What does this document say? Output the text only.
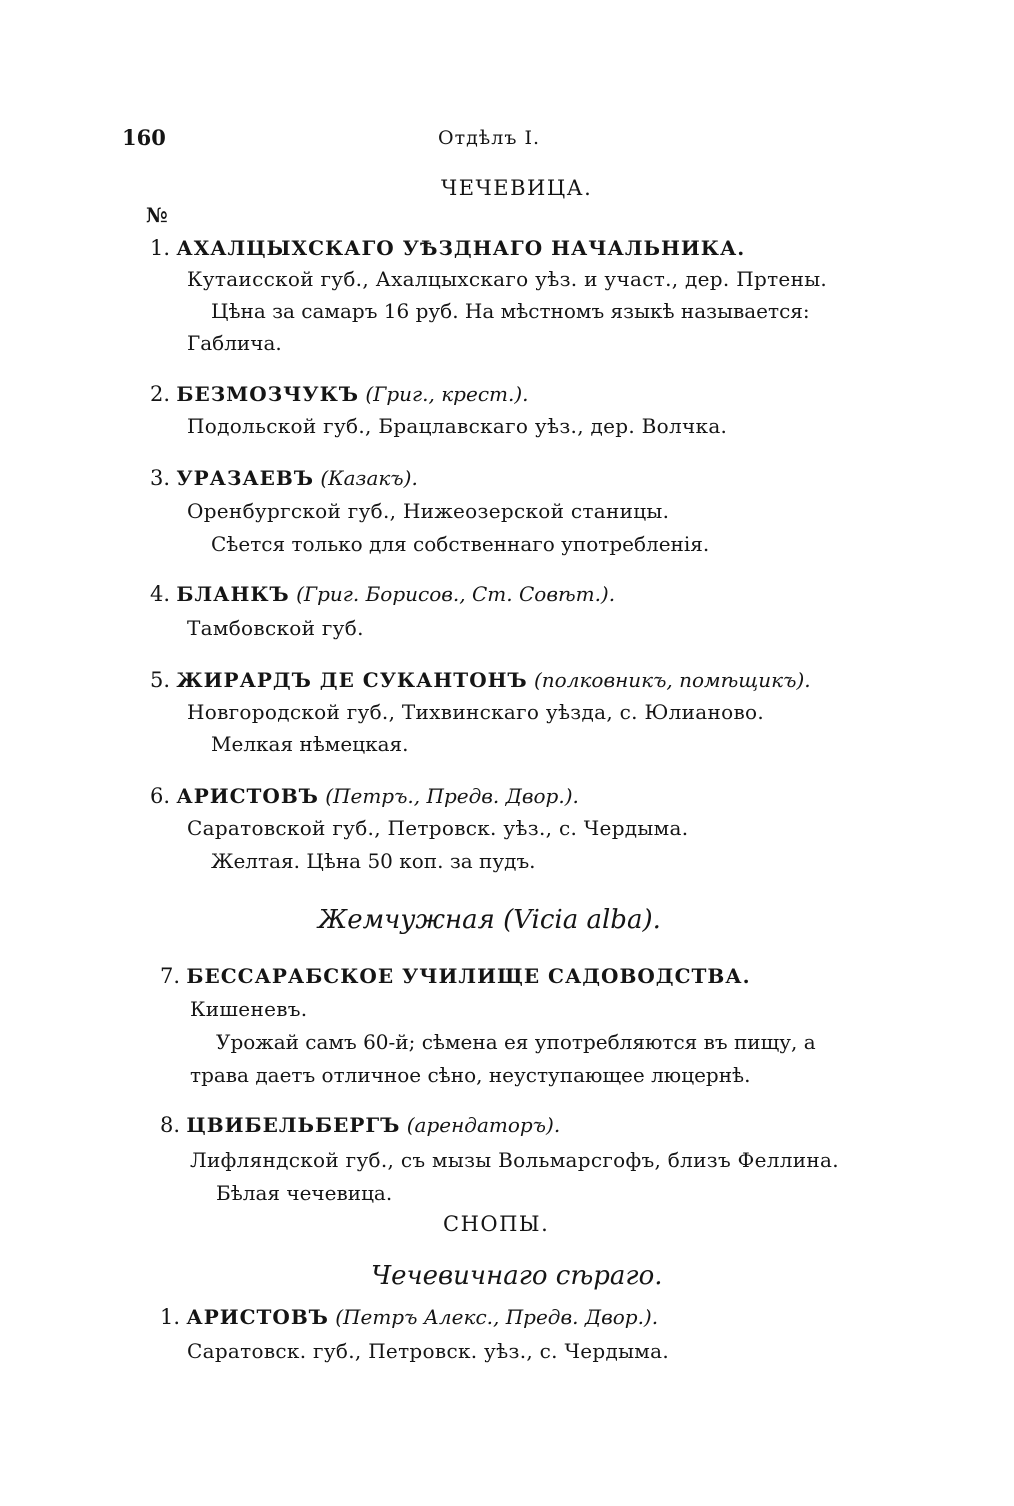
160	Отдѣлъ I.
ЧЕЧЕВИЦА.
№
1. АХАЛЦЫХСКАГО УѢЗДНАГО НАЧАЛЬНИКА.
Кутаисской губ., Ахалцыхскаго уѣз. и участ., дер. Пртены.
Цѣна за самаръ 16 руб. На мѣстномъ языкѣ называется:
Габлича.
2. БЕЗМОЗЧУКЪ (Григ., крест.).
Подольской губ., Брацлавскаго уѣз., дер. Волчка.
3. УРАЗАЕВЪ (Казакъ).
Оренбургской губ., Нижеозерской станицы.
Сѣется только для собственнаго употребленія.
4. БЛАНКЪ (Григ. Борисов., Ст. Совѣт.).
Тамбовской губ.
5. ЖИРАРДЪ ДЕ СУКАНТОНЪ (полковникъ, помѣщикъ).
Новгородской губ., Тихвинскаго уѣзда, с. Юлианово.
Мелкая нѣмецкая.
6. АРИСТОВЪ (Петръ., Предв. Двор.).
Саратовской губ., Петровск. уѣз., с. Чердыма.
Желтая. Цѣна 50 коп. за пудъ.
Жемчужная (Vicia alba).
7. БЕССАРАБСКОЕ УЧИЛИЩЕ САДОВОДСТВА.
Кишеневъ.
Урожай самъ 60-й; сѣмена ея употребляются въ пищу, а
трава даетъ отличное сѣно, неуступающее люцернѣ.
8. ЦВИБЕЛЬБЕРГЪ (арендаторъ).
Лифляндской губ., съ мызы Вольмарсгофъ, близъ Феллина.
Бѣлая чечевица.
СНОПЫ.
Чечевичнаго сѣраго.
1. АРИСТОВЪ (Петръ Алекс., Предв. Двор.).
Саратовск. губ., Петровск. уѣз., с. Чердыма.
